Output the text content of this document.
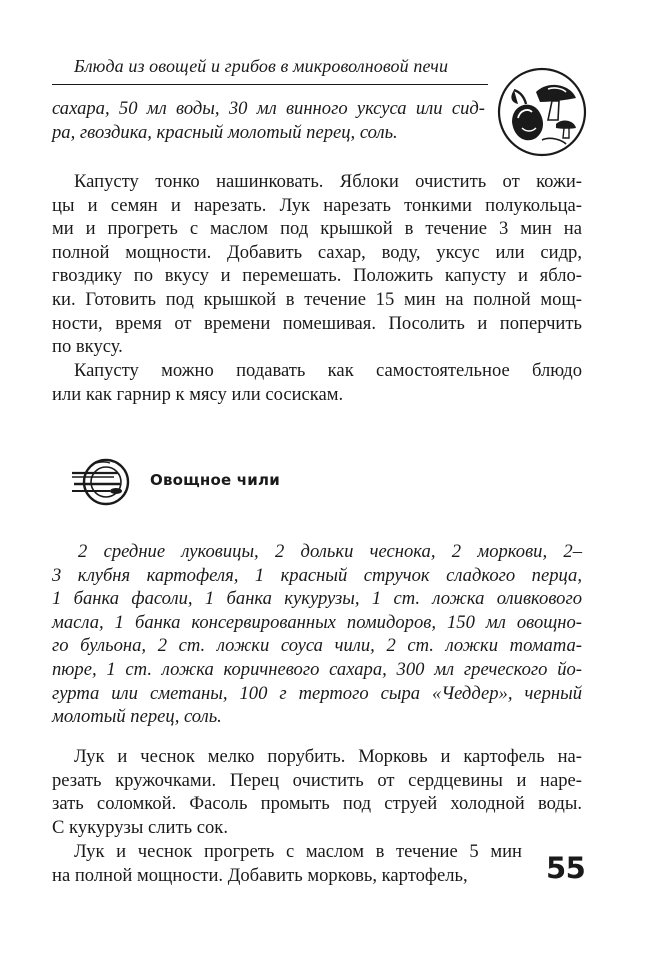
Блюда из овощей и грибов в микроволновой печи
сахара, 50 мл воды, 30 мл винного уксуса или сид-
ра, гвоздика, красный молотый перец, соль.
Капусту тонко нашинковать. Яблоки очистить от кожи-
цы и семян и нарезать. Лук нарезать тонкими полукольца-
ми и прогреть с маслом под крышкой в течение 3 мин на
полной мощности. Добавить сахар, воду, уксус или сидр,
гвоздику по вкусу и перемешать. Положить капусту и ябло-
ки. Готовить под крышкой в течение 15 мин на полной мощ-
ности, время от времени помешивая. Посолить и поперчить
по вкусу.
Капусту можно подавать как самостоятельное блюдо
или как гарнир к мясу или сосискам.
Овощное чили
2 средние луковицы, 2 дольки чеснока, 2 моркови, 2–
3 клубня картофеля, 1 красный стручок сладкого перца,
1 банка фасоли, 1 банка кукурузы, 1 ст. ложка оливкового
масла, 1 банка консервированных помидоров, 150 мл овощно-
го бульона, 2 ст. ложки соуса чили, 2 ст. ложки томата-
пюре, 1 ст. ложка коричневого сахара, 300 мл греческого йо-
гурта или сметаны, 100 г тертого сыра «Чеддер», черный
молотый перец, соль.
Лук и чеснок мелко порубить. Морковь и картофель на-
резать кружочками. Перец очистить от сердцевины и наре-
зать соломкой. Фасоль промыть под струей холодной воды.
С кукурузы слить сок.
Лук и чеснок прогреть с маслом в течение 5 мин
на полной мощности. Добавить морковь, картофель,	55
